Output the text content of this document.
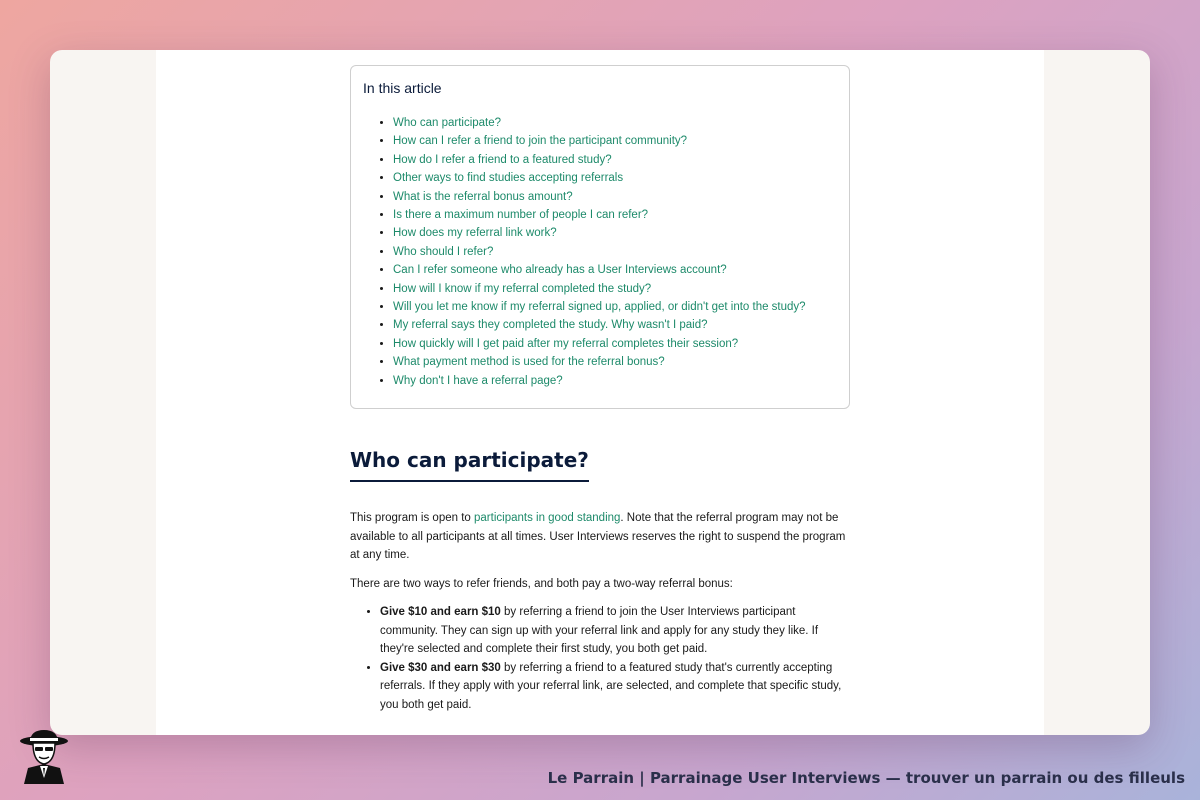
In this article
• Who can participate?
• How can I refer a friend to join the participant community?
• How do I refer a friend to a featured study?
• Other ways to find studies accepting referrals
• What is the referral bonus amount?
• Is there a maximum number of people I can refer?
• How does my referral link work?
• Who should I refer?
• Can I refer someone who already has a User Interviews account?
• How will I know if my referral completed the study?
• Will you let me know if my referral signed up, applied, or didn't get into the study?
• My referral says they completed the study. Why wasn't I paid?
• How quickly will I get paid after my referral completes their session?
• What payment method is used for the referral bonus?
• Why don't I have a referral page?
Who can participate?

This program is open to participants in good standing. Note that the referral program may not be available to all participants at all times. User Interviews reserves the right to suspend the program at any time.

There are two ways to refer friends, and both pay a two-way referral bonus:

• Give $10 and earn $10 by referring a friend to join the User Interviews participant community. They can sign up with your referral link and apply for any study they like. If they're selected and complete their first study, you both get paid.
• Give $30 and earn $30 by referring a friend to a featured study that's currently accepting referrals. If they apply with your referral link, are selected, and complete that specific study, you both get paid.
Le Parrain | Parrainage User Interviews — trouver un parrain ou des filleuls
